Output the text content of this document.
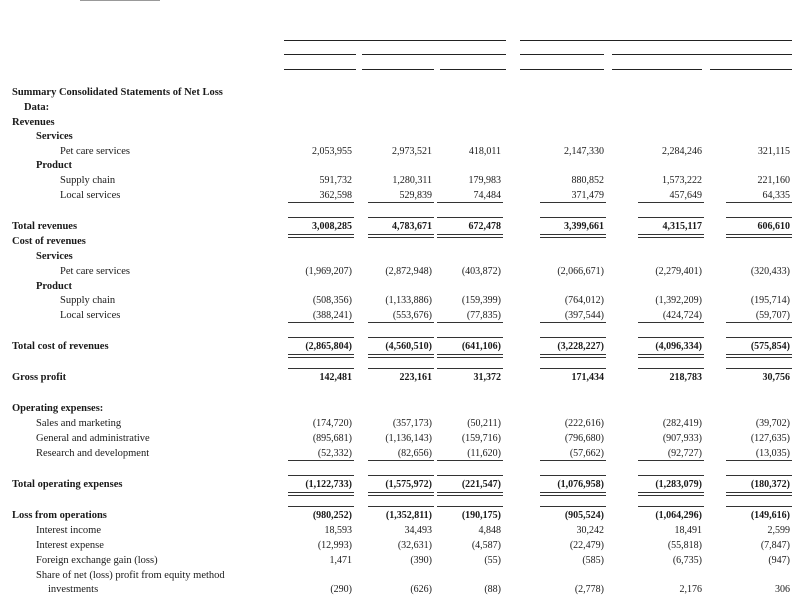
Summary Consolidated Statements of Net Loss
Data:
Revenues
Services
Pet care services	2,053,955	2,973,521	418,011	2,147,330	2,284,246	321,115
Product
Supply chain	591,732	1,280,311	179,983	880,852	1,573,222	221,160
Local services	362,598	529,839	74,484	371,479	457,649	64,335
Total revenues	3,008,285	4,783,671	672,478	3,399,661	4,315,117	606,610
Cost of revenues
Services
Pet care services	(1,969,207)	(2,872,948)	(403,872)	(2,066,671)	(2,279,401)	(320,433)
Product
Supply chain	(508,356)	(1,133,886)	(159,399)	(764,012)	(1,392,209)	(195,714)
Local services	(388,241)	(553,676)	(77,835)	(397,544)	(424,724)	(59,707)
Total cost of revenues	(2,865,804)	(4,560,510)	(641,106)	(3,228,227)	(4,096,334)	(575,854)
Gross profit	142,481	223,161	31,372	171,434	218,783	30,756
Operating expenses:
Sales and marketing	(174,720)	(357,173)	(50,211)	(222,616)	(282,419)	(39,702)
General and administrative	(895,681)	(1,136,143)	(159,716)	(796,680)	(907,933)	(127,635)
Research and development	(52,332)	(82,656)	(11,620)	(57,662)	(92,727)	(13,035)
Total operating expenses	(1,122,733)	(1,575,972)	(221,547)	(1,076,958)	(1,283,079)	(180,372)
Loss from operations	(980,252)	(1,352,811)	(190,175)	(905,524)	(1,064,296)	(149,616)
Interest income	18,593	34,493	4,848	30,242	18,491	2,599
Interest expense	(12,993)	(32,631)	(4,587)	(22,479)	(55,818)	(7,847)
Foreign exchange gain (loss)	1,471	(390)	(55)	(585)	(6,735)	(947)
Share of net (loss) profit from equity method
investments	(290)	(626)	(88)	(2,778)	2,176	306
